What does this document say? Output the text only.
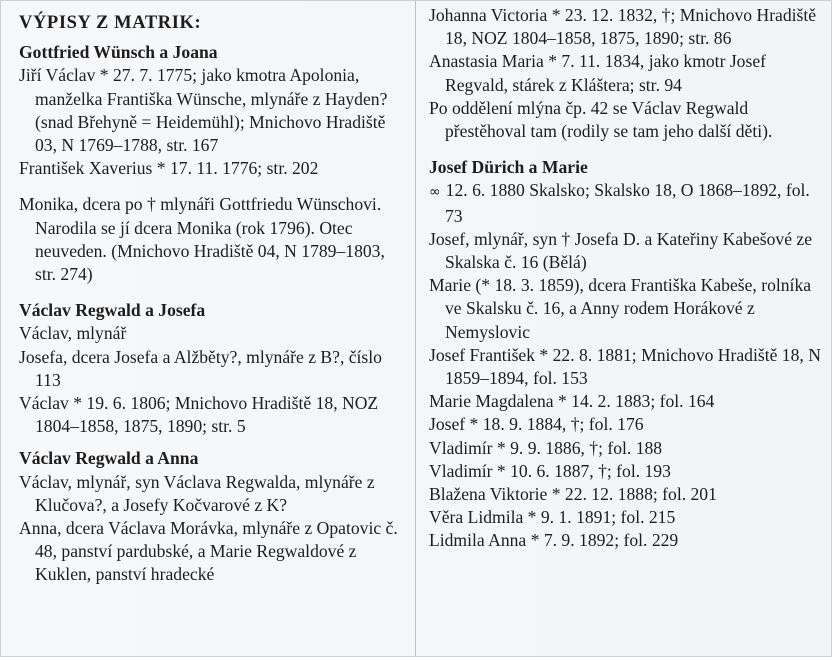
VÝPISY Z MATRIK:

Gottfried Wünsch a Joana

Jiří Václav * 27. 7. 1775; jako kmotra Apolonia, manželka Františka Wünsche, mlynáře z Hayden? (snad Břehyně = Heidemühl); Mnichovo Hradiště 03, N 1769–1788, str. 167

František Xaverius * 17. 11. 1776; str. 202

Monika, dcera po † mlynáři Gottfriedu Wünschovi. Narodila se jí dcera Monika (rok 1796). Otec neuveden. (Mnichovo Hradiště 04, N 1789–1803, str. 274)

Václav Regwald a Josefa

Václav, mlynář

Josefa, dcera Josefa a Alžběty?, mlynáře z B?, číslo 113

Václav * 19. 6. 1806; Mnichovo Hradiště 18, NOZ 1804–1858, 1875, 1890; str. 5

Václav Regwald a Anna

Václav, mlynář, syn Václava Regwalda, mlynáře z Klučova?, a Josefy Kočvarové z K?

Anna, dcera Václava Morávka, mlynáře z Opatovic č. 48, panství pardubské, a Marie Regwaldové z Kuklen, panství hradecké

Johanna Victoria * 23. 12. 1832, †; Mnichovo Hradiště 18, NOZ 1804–1858, 1875, 1890; str. 86

Anastasia Maria * 7. 11. 1834, jako kmotr Josef Regvald, stárek z Kláštera; str. 94

Po oddělení mlýna čp. 42 se Václav Regwald přestěhoval tam (rodily se tam jeho další děti).

Josef Dürich a Marie

∞ 12. 6. 1880 Skalsko; Skalsko 18, O 1868–1892, fol. 73

Josef, mlynář, syn † Josefa D. a Kateřiny Kabešové ze Skalska č. 16 (Bělá)

Marie (* 18. 3. 1859), dcera Františka Kabeše, rolníka ve Skalsku č. 16, a Anny rodem Horákové z Nemyslovic

Josef František * 22. 8. 1881; Mnichovo Hradiště 18, N 1859–1894, fol. 153

Marie Magdalena * 14. 2. 1883; fol. 164

Josef * 18. 9. 1884, †; fol. 176

Vladimír * 9. 9. 1886, †; fol. 188

Vladimír * 10. 6. 1887, †; fol. 193

Blažena Viktorie * 22. 12. 1888; fol. 201

Věra Lidmila * 9. 1. 1891; fol. 215

Lidmila Anna * 7. 9. 1892; fol. 229
